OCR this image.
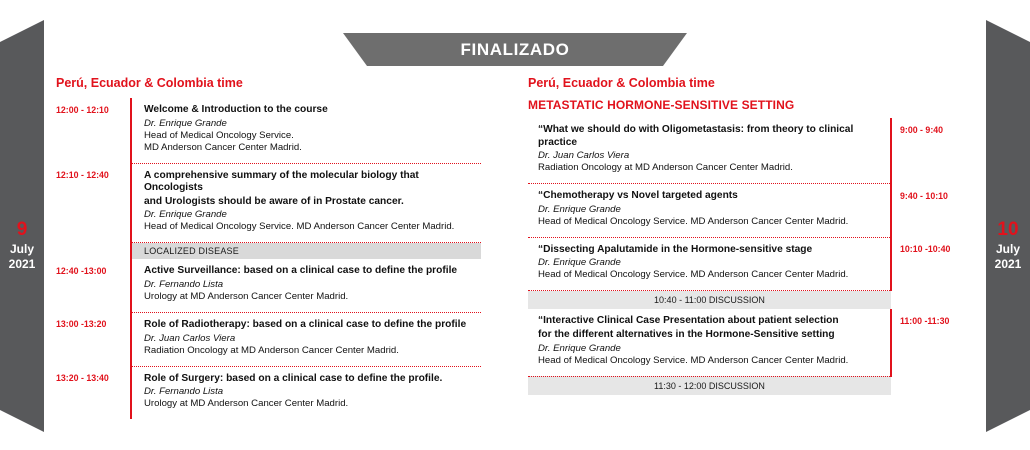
FINALIZADO
9
July
2021
10
July
2021
Perú, Ecuador & Colombia time
12:00 - 12:10	Welcome & Introduction to the course
Dr. Enrique Grande
Head of Medical Oncology Service.
MD Anderson Cancer Center Madrid.

12:10 - 12:40	A comprehensive summary of the molecular biology that Oncologists
and Urologists should be aware of in Prostate cancer.
Dr. Enrique Grande
Head of Medical Oncology Service. MD Anderson Cancer Center Madrid.

	LOCALIZED DISEASE
12:40 -13:00	Active Surveillance: based on a clinical case to define the profile
Dr. Fernando Lista
Urology at MD Anderson Cancer Center Madrid.

13:00 -13:20	Role of Radiotherapy: based on a clinical case to define the profile
Dr. Juan Carlos Viera
Radiation Oncology at MD Anderson Cancer Center Madrid.

13:20 - 13:40	Role of Surgery: based on a clinical case to define the profile.
Dr. Fernando Lista
Urology at MD Anderson Cancer Center Madrid.
Perú, Ecuador & Colombia time
METASTATIC HORMONE-SENSITIVE SETTING
“What we should do with Oligometastasis: from theory to clinical practice
Dr. Juan Carlos Viera
Radiation Oncology at MD Anderson Cancer Center Madrid.	9:00 - 9:40

“Chemotherapy vs Novel targeted agents
Dr. Enrique Grande
Head of Medical Oncology Service. MD Anderson Cancer Center Madrid.	9:40 - 10:10

“Dissecting Apalutamide in the Hormone-sensitive stage
Dr. Enrique Grande
Head of Medical Oncology Service. MD Anderson Cancer Center Madrid.	10:10 -10:40
10:40 - 11:00 DISCUSSION	

“Interactive Clinical Case Presentation about patient selection
for the different alternatives in the Hormone-Sensitive setting
Dr. Enrique Grande
Head of Medical Oncology Service. MD Anderson Cancer Center Madrid.	11:00 -11:30
11:30 - 12:00 DISCUSSION	
